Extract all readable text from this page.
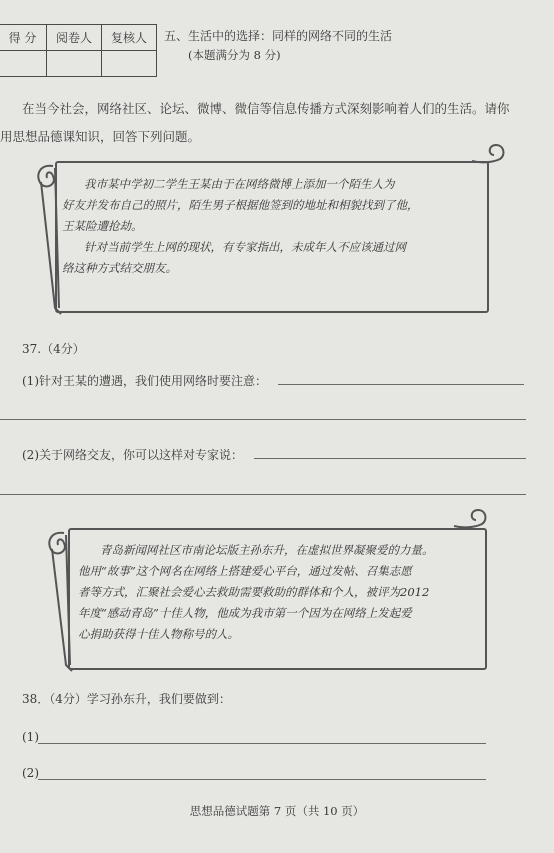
得 分	阅卷人	复核人
		五、生活中的选择：同样的网络不同的生活
(本题满分为 8 分)
在当今社会，网络社区、论坛、微博、微信等信息传播方式深刻影响着人们的生活。请你
用思想品德课知识，回答下列问题。
我市某中学初二学生王某由于在网络微博上添加一个陌生人为
好友并发布自己的照片，陌生男子根据他签到的地址和相貌找到了他，
王某险遭抢劫。
针对当前学生上网的现状，有专家指出，未成年人不应该通过网
络这种方式结交朋友。
37.（4分）
(1)针对王某的遭遇，我们使用网络时要注意：
(2)关于网络交友，你可以这样对专家说：
青岛新闻网社区市南论坛版主孙东升，在虚拟世界凝聚爱的力量。
他用“故事”这个网名在网络上搭建爱心平台，通过发帖、召集志愿
者等方式，汇聚社会爱心去救助需要救助的群体和个人，被评为2012
年度“感动青岛”十佳人物，他成为我市第一个因为在网络上发起爱
心捐助获得十佳人物称号的人。
38．（4分）学习孙东升，我们要做到：
(1)
(2)
思想品德试题第 7 页（共 10 页）
